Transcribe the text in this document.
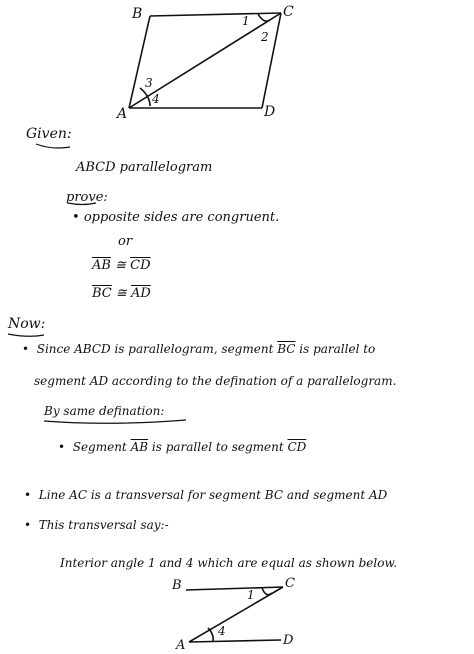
B	C
A	D
1
2
3
4
Given:
ABCD parallelogram
prove:
• opposite sides are congruent.
or
$\overline{AB}$ ≅ $\overline{CD}$
$\overline{BC}$ ≅ $\overline{AD}$
Now:
•  Since ABCD is parallelogram, segment $\overline{BC}$ is parallel to
segment AD according to the defination of a parallelogram.
By same defination:
•  Segment $\overline{AB}$ is parallel to segment $\overline{CD}$
•  Line AC is a transversal for segment BC and segment AD
•  This transversal say:-
Interior angle 1 and 4 which are equal as shown below.
B	C
A	D
1
4
